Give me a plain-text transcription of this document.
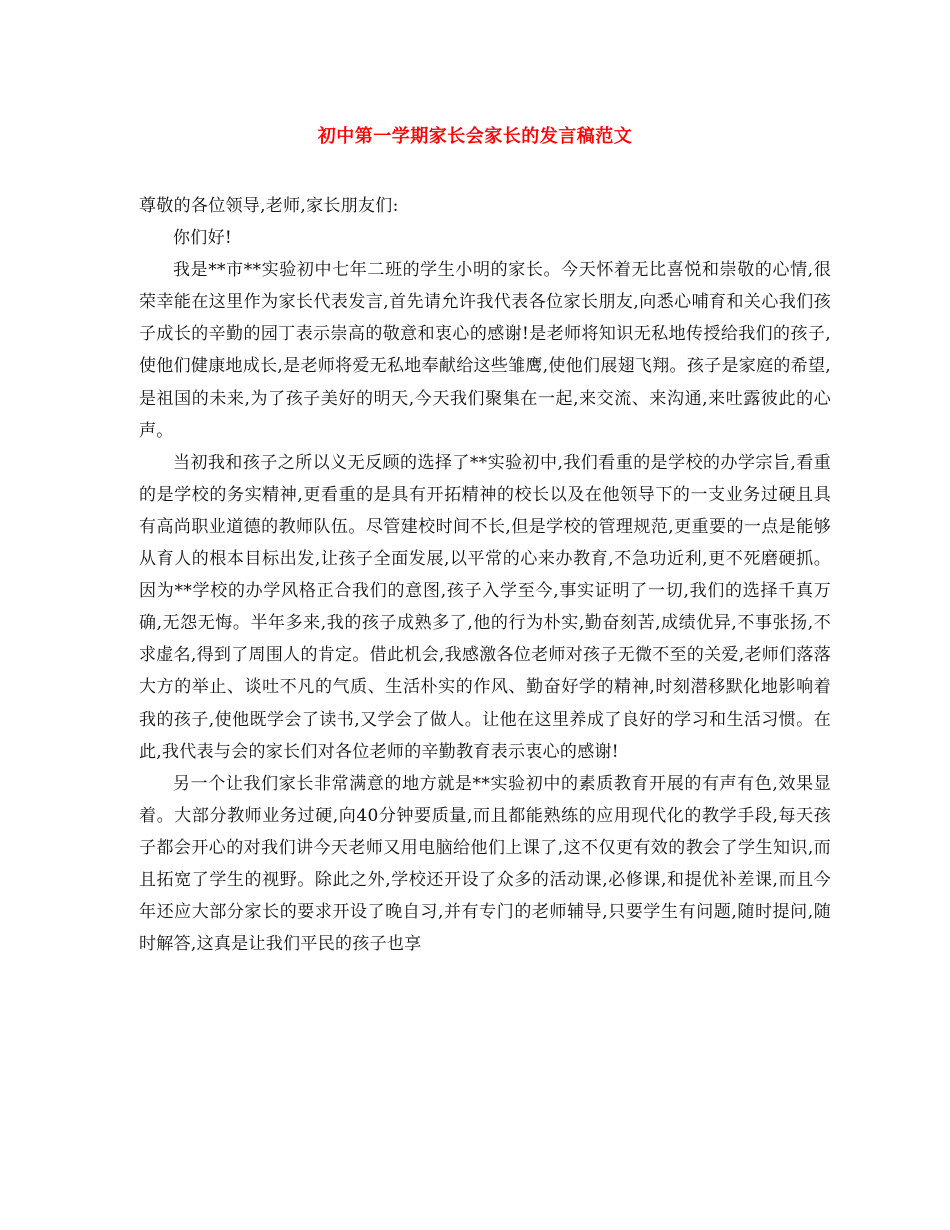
初中第一学期家长会家长的发言稿范文

尊敬的各位领导,老师,家长朋友们:

你们好!

我是**市**实验初中七年二班的学生小明的家长。今天怀着无比喜悦和崇敬的心情,很荣幸能在这里作为家长代表发言,首先请允许我代表各位家长朋友,向悉心哺育和关心我们孩子成长的辛勤的园丁表示崇高的敬意和衷心的感谢!是老师将知识无私地传授给我们的孩子,使他们健康地成长,是老师将爱无私地奉献给这些雏鹰,使他们展翅飞翔。孩子是家庭的希望,是祖国的未来,为了孩子美好的明天,今天我们聚集在一起,来交流、来沟通,来吐露彼此的心声。

当初我和孩子之所以义无反顾的选择了**实验初中,我们看重的是学校的办学宗旨,看重的是学校的务实精神,更看重的是具有开拓精神的校长以及在他领导下的一支业务过硬且具有高尚职业道德的教师队伍。尽管建校时间不长,但是学校的管理规范,更重要的一点是能够从育人的根本目标出发,让孩子全面发展,以平常的心来办教育,不急功近利,更不死磨硬抓。因为**学校的办学风格正合我们的意图,孩子入学至今,事实证明了一切,我们的选择千真万确,无怨无悔。半年多来,我的孩子成熟多了,他的行为朴实,勤奋刻苦,成绩优异,不事张扬,不求虚名,得到了周围人的肯定。借此机会,我感激各位老师对孩子无微不至的关爱,老师们落落大方的举止、谈吐不凡的气质、生活朴实的作风、勤奋好学的精神,时刻潜移默化地影响着我的孩子,使他既学会了读书,又学会了做人。让他在这里养成了良好的学习和生活习惯。在此,我代表与会的家长们对各位老师的辛勤教育表示衷心的感谢!

另一个让我们家长非常满意的地方就是**实验初中的素质教育开展的有声有色,效果显着。大部分教师业务过硬,向40分钟要质量,而且都能熟练的应用现代化的教学手段,每天孩子都会开心的对我们讲今天老师又用电脑给他们上课了,这不仅更有效的教会了学生知识,而且拓宽了学生的视野。除此之外,学校还开设了众多的活动课,必修课,和提优补差课,而且今年还应大部分家长的要求开设了晚自习,并有专门的老师辅导,只要学生有问题,随时提问,随时解答,这真是让我们平民的孩子也享
